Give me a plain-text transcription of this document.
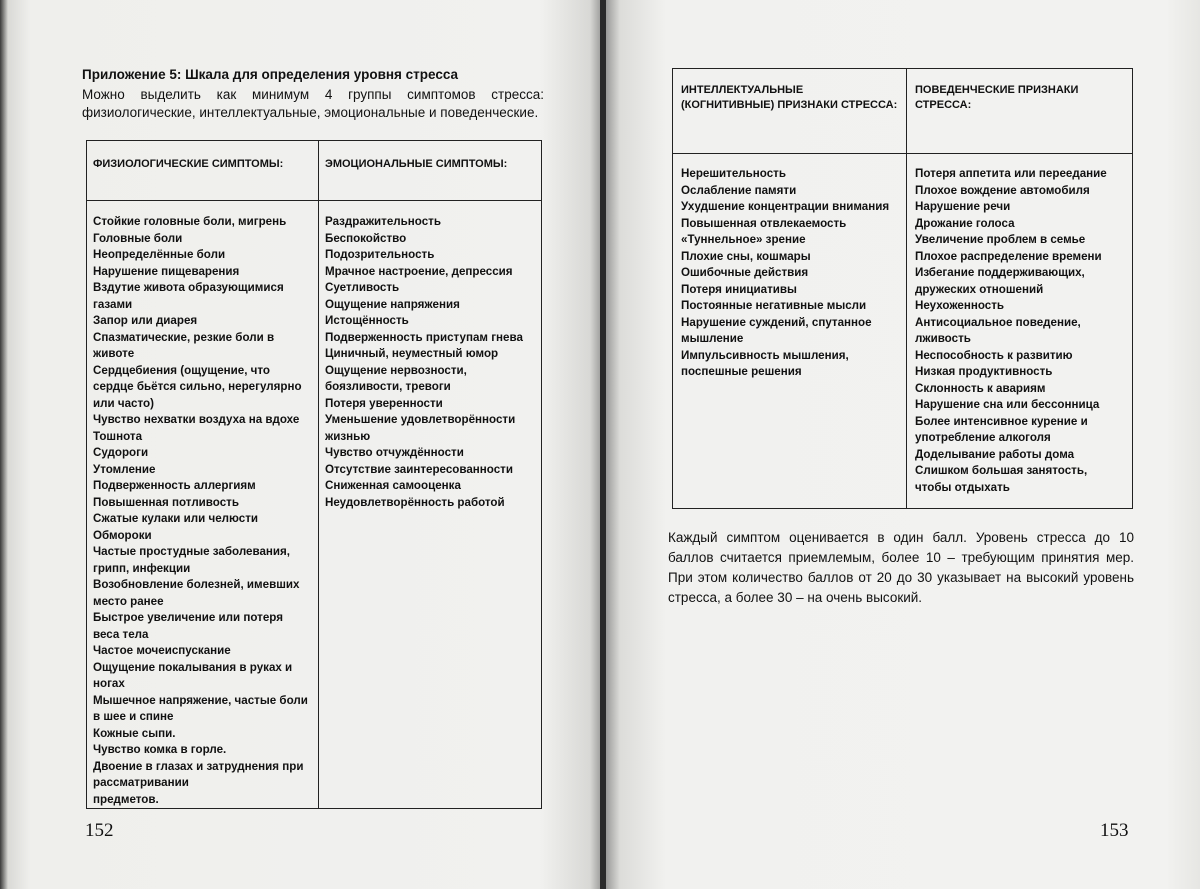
Приложение 5: Шкала для определения уровня стресса
Можно выделить как минимум 4 группы симптомов стресса: физиологические, интеллектуальные, эмоциональные и поведенческие.
ФИЗИОЛОГИЧЕСКИЕ СИМПТОМЫ:	ЭМОЦИОНАЛЬНЫЕ СИМПТОМЫ:

Стойкие головные боли, мигрень
Головные боли
Неопределённые боли
Нарушение пищеварения
Вздутие живота образующимися газами
Запор или диарея
Спазматические, резкие боли в животе
Сердцебиения (ощущение, что сердце бьётся сильно, нерегулярно или часто)
Чувство нехватки воздуха на вдохе
Тошнота
Судороги
Утомление
Подверженность аллергиям
Повышенная потливость
Сжатые кулаки или челюсти
Обмороки
Частые простудные заболевания, грипп, инфекции
Возобновление болезней, имевших место ранее
Быстрое увеличение или потеря веса тела
Частое мочеиспускание
Ощущение покалывания в руках и ногах
Мышечное напряжение, частые боли в шее и спине
Кожные сыпи.
Чувство комка в горле.
Двоение в глазах и затруднения при рассматривании
предметов.

Раздражительность
Беспокойство
Подозрительность
Мрачное настроение, депрессия
Суетливость
Ощущение напряжения
Истощённость
Подверженность приступам гнева
Циничный, неуместный юмор
Ощущение нервозности, боязливости, тревоги
Потеря уверенности
Уменьшение удовлетворённости жизнью
Чувство отчуждённости
Отсутствие заинтересованности
Сниженная самооценка
Неудовлетворённость работой
152
ИНТЕЛЛЕКТУАЛЬНЫЕ (КОГНИТИВНЫЕ) ПРИЗНАКИ СТРЕССА:	ПОВЕДЕНЧЕСКИЕ ПРИЗНАКИ СТРЕССА:

Нерешительность
Ослабление памяти
Ухудшение концентрации внимания
Повышенная отвлекаемость
«Туннельное» зрение
Плохие сны, кошмары
Ошибочные действия
Потеря инициативы
Постоянные негативные мысли
Нарушение суждений, спутанное мышление
Импульсивность мышления, поспешные решения

Потеря аппетита или переедание
Плохое вождение автомобиля
Нарушение речи
Дрожание голоса
Увеличение проблем в семье
Плохое распределение времени
Избегание поддерживающих, дружеских отношений
Неухоженность
Антисоциальное поведение, лживость
Неспособность к развитию
Низкая продуктивность
Склонность к авариям
Нарушение сна или бессонница
Более интенсивное курение и употребление алкоголя
Доделывание работы дома
Слишком большая занятость, чтобы отдыхать
Каждый симптом оценивается в один балл. Уровень стресса до 10 баллов считается приемлемым, более 10 – требующим принятия мер. При этом количество баллов от 20 до 30 указывает на высокий уровень стресса, а более 30 – на очень высокий.
153
